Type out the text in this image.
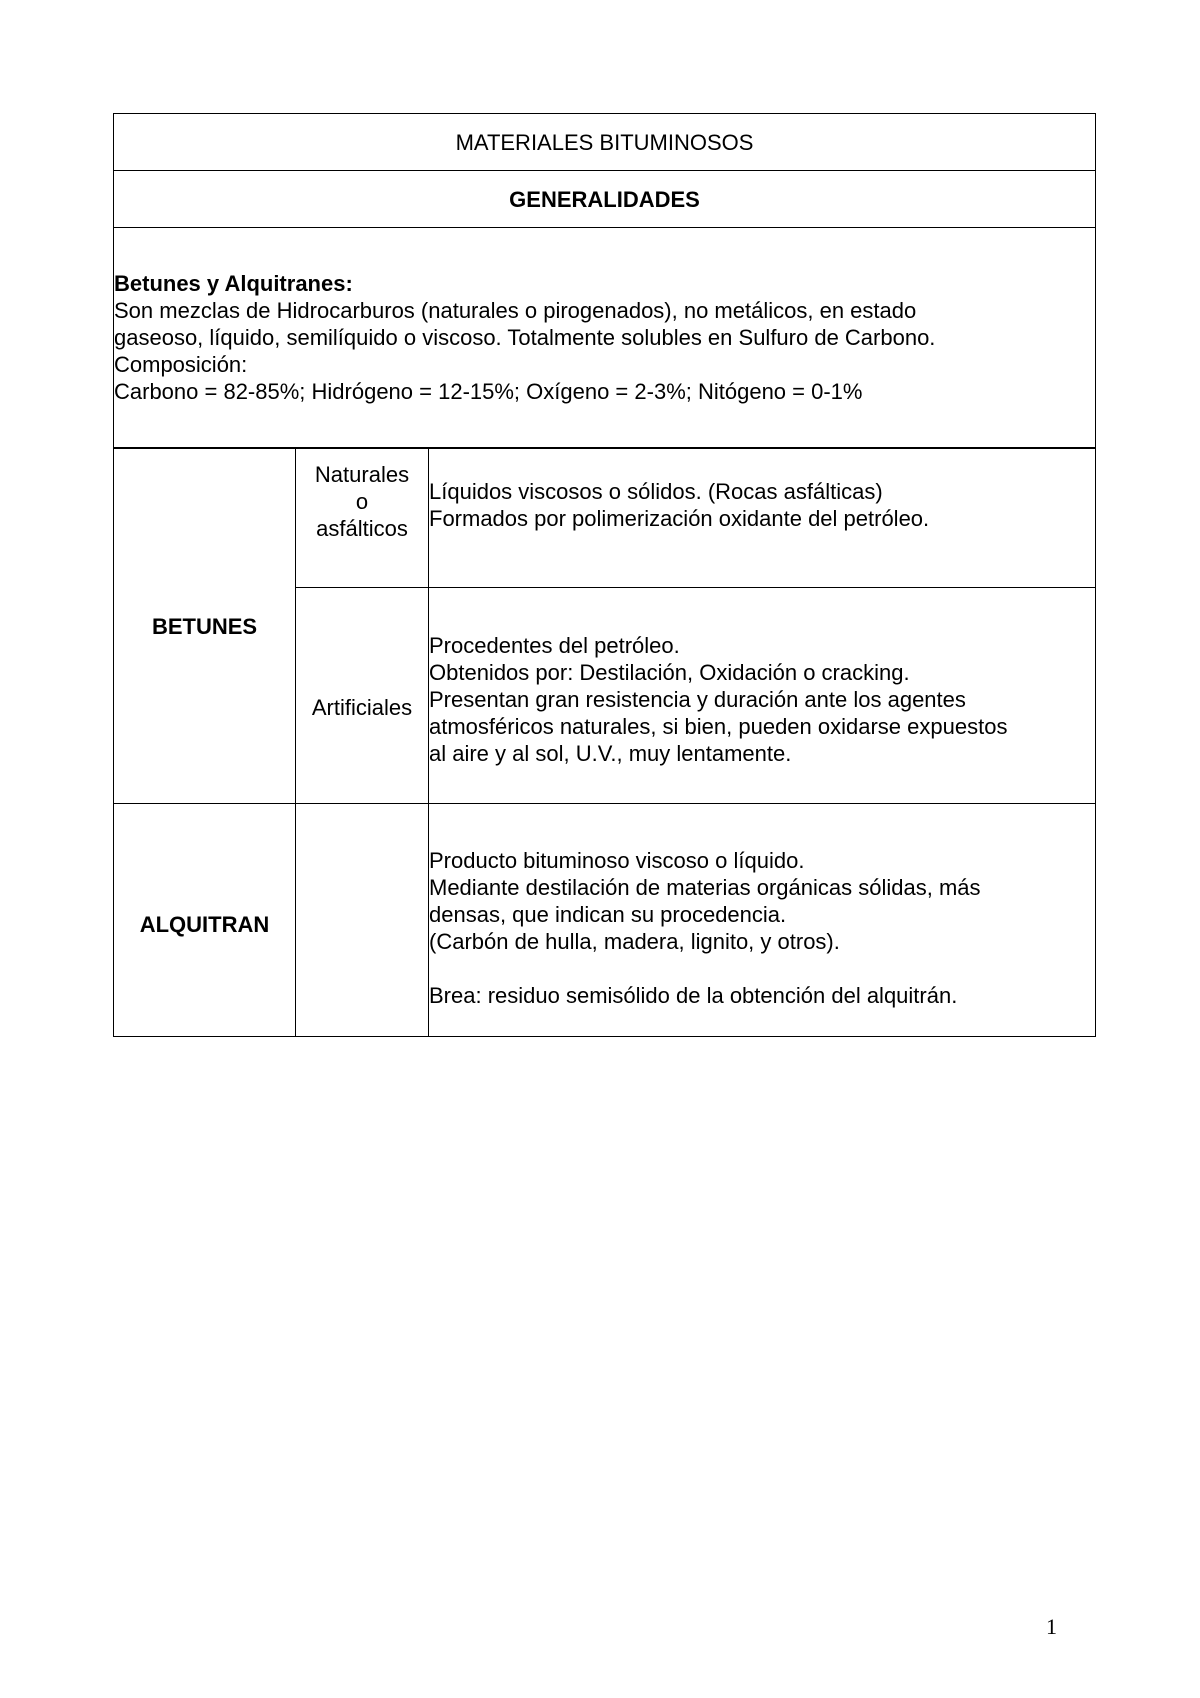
MATERIALES BITUMINOSOS		
GENERALIDADES		

Betunes y Alquitranes:
Son mezclas de Hidrocarburos (naturales o pirogenados), no metálicos, en estado
gaseoso, líquido, semilíquido o viscoso. Totalmente solubles en Sulfuro de Carbono.
Composición:
Carbono = 82-85%; Hidrógeno = 12-15%; Oxígeno = 2-3%; Nitógeno = 0-1%		

BETUNES	Naturales
o
asfálticos	Líquidos viscosos o sólidos. (Rocas asfálticas)
Formados por polimerización oxidante del petróleo.

	Artificiales	Procedentes del petróleo.
Obtenidos por: Destilación, Oxidación o cracking.
Presentan gran resistencia y duración ante los agentes
atmosféricos naturales, si bien, pueden oxidarse expuestos
al aire y al sol, U.V., muy lentamente.

ALQUITRAN		Producto bituminoso viscoso o líquido.
Mediante destilación de materias orgánicas sólidas, más
densas, que indican su procedencia.
(Carbón de hulla, madera, lignito, y otros).
Brea: residuo semisólido de la obtención del alquitrán.
1
